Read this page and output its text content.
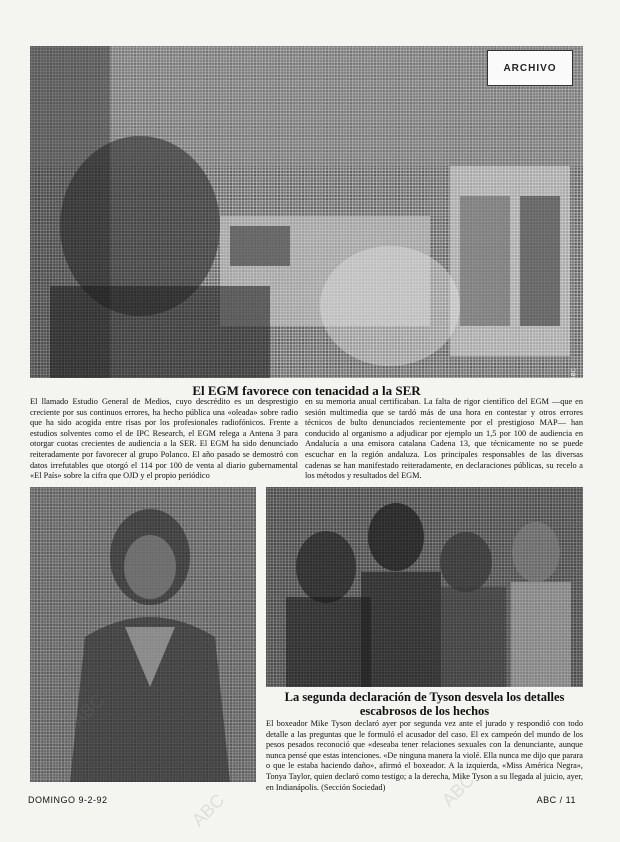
ARCHIVO
ABC
El EGM favorece con tenacidad a la SER

El llamado Estudio General de Medios, cuyo descrédito es un desprestigio creciente por sus continuos errores, ha hecho pública una «oleada» sobre radio que ha sido acogida entre risas por los profesionales radiofónicos. Frente a estudios solventes como el de IPC Research, el EGM relega a Antena 3 para otorgar cuotas crecientes de audiencia a la SER. El EGM ha sido denunciado reiteradamente por favorecer al grupo Polanco. El año pasado se demostró con datos irrefutables que otorgó el 114 por 100 de venta al diario gubernamental «El País» sobre la cifra que OJD y el propio periódico

en su memoria anual certificaban. La falta de rigor científico del EGM —que en sesión multimedia que se tardó más de una hora en contestar y otros errores técnicos de bulto denunciados recientemente por el prestigioso MAP— han conducido al organismo a adjudicar por ejemplo un 1,5 por 100 de audiencia en Andalucía a una emisora catalana Cadena 13, que técnicamente no se puede escuchar en la región andaluza. Los principales responsables de las diversas cadenas se han manifestado reiteradamente, en declaraciones públicas, su recelo a los métodos y resultados del EGM.

La segunda declaración de Tyson desvela los detalles escabrosos de los hechos

El boxeador Mike Tyson declaró ayer por segunda vez ante el jurado y respondió con todo detalle a las preguntas que le formuló el acusador del caso. El ex campeón del mundo de los pesos pesados reconoció que «deseaba tener relaciones sexuales con la denunciante, aunque nunca pensé que estas intenciones. «De ninguna manera la violé. Ella nunca me dijo que parara o que le estaba haciendo daño», afirmó el boxeador. A la izquierda, «Miss América Negra», Tonya Taylor, quien declaró como testigo; a la derecha, Mike Tyson a su llegada al juicio, ayer, en Indianápolis. (Sección Sociedad)

DOMINGO 9-2-92	ABC / 11
ABC	ABC
